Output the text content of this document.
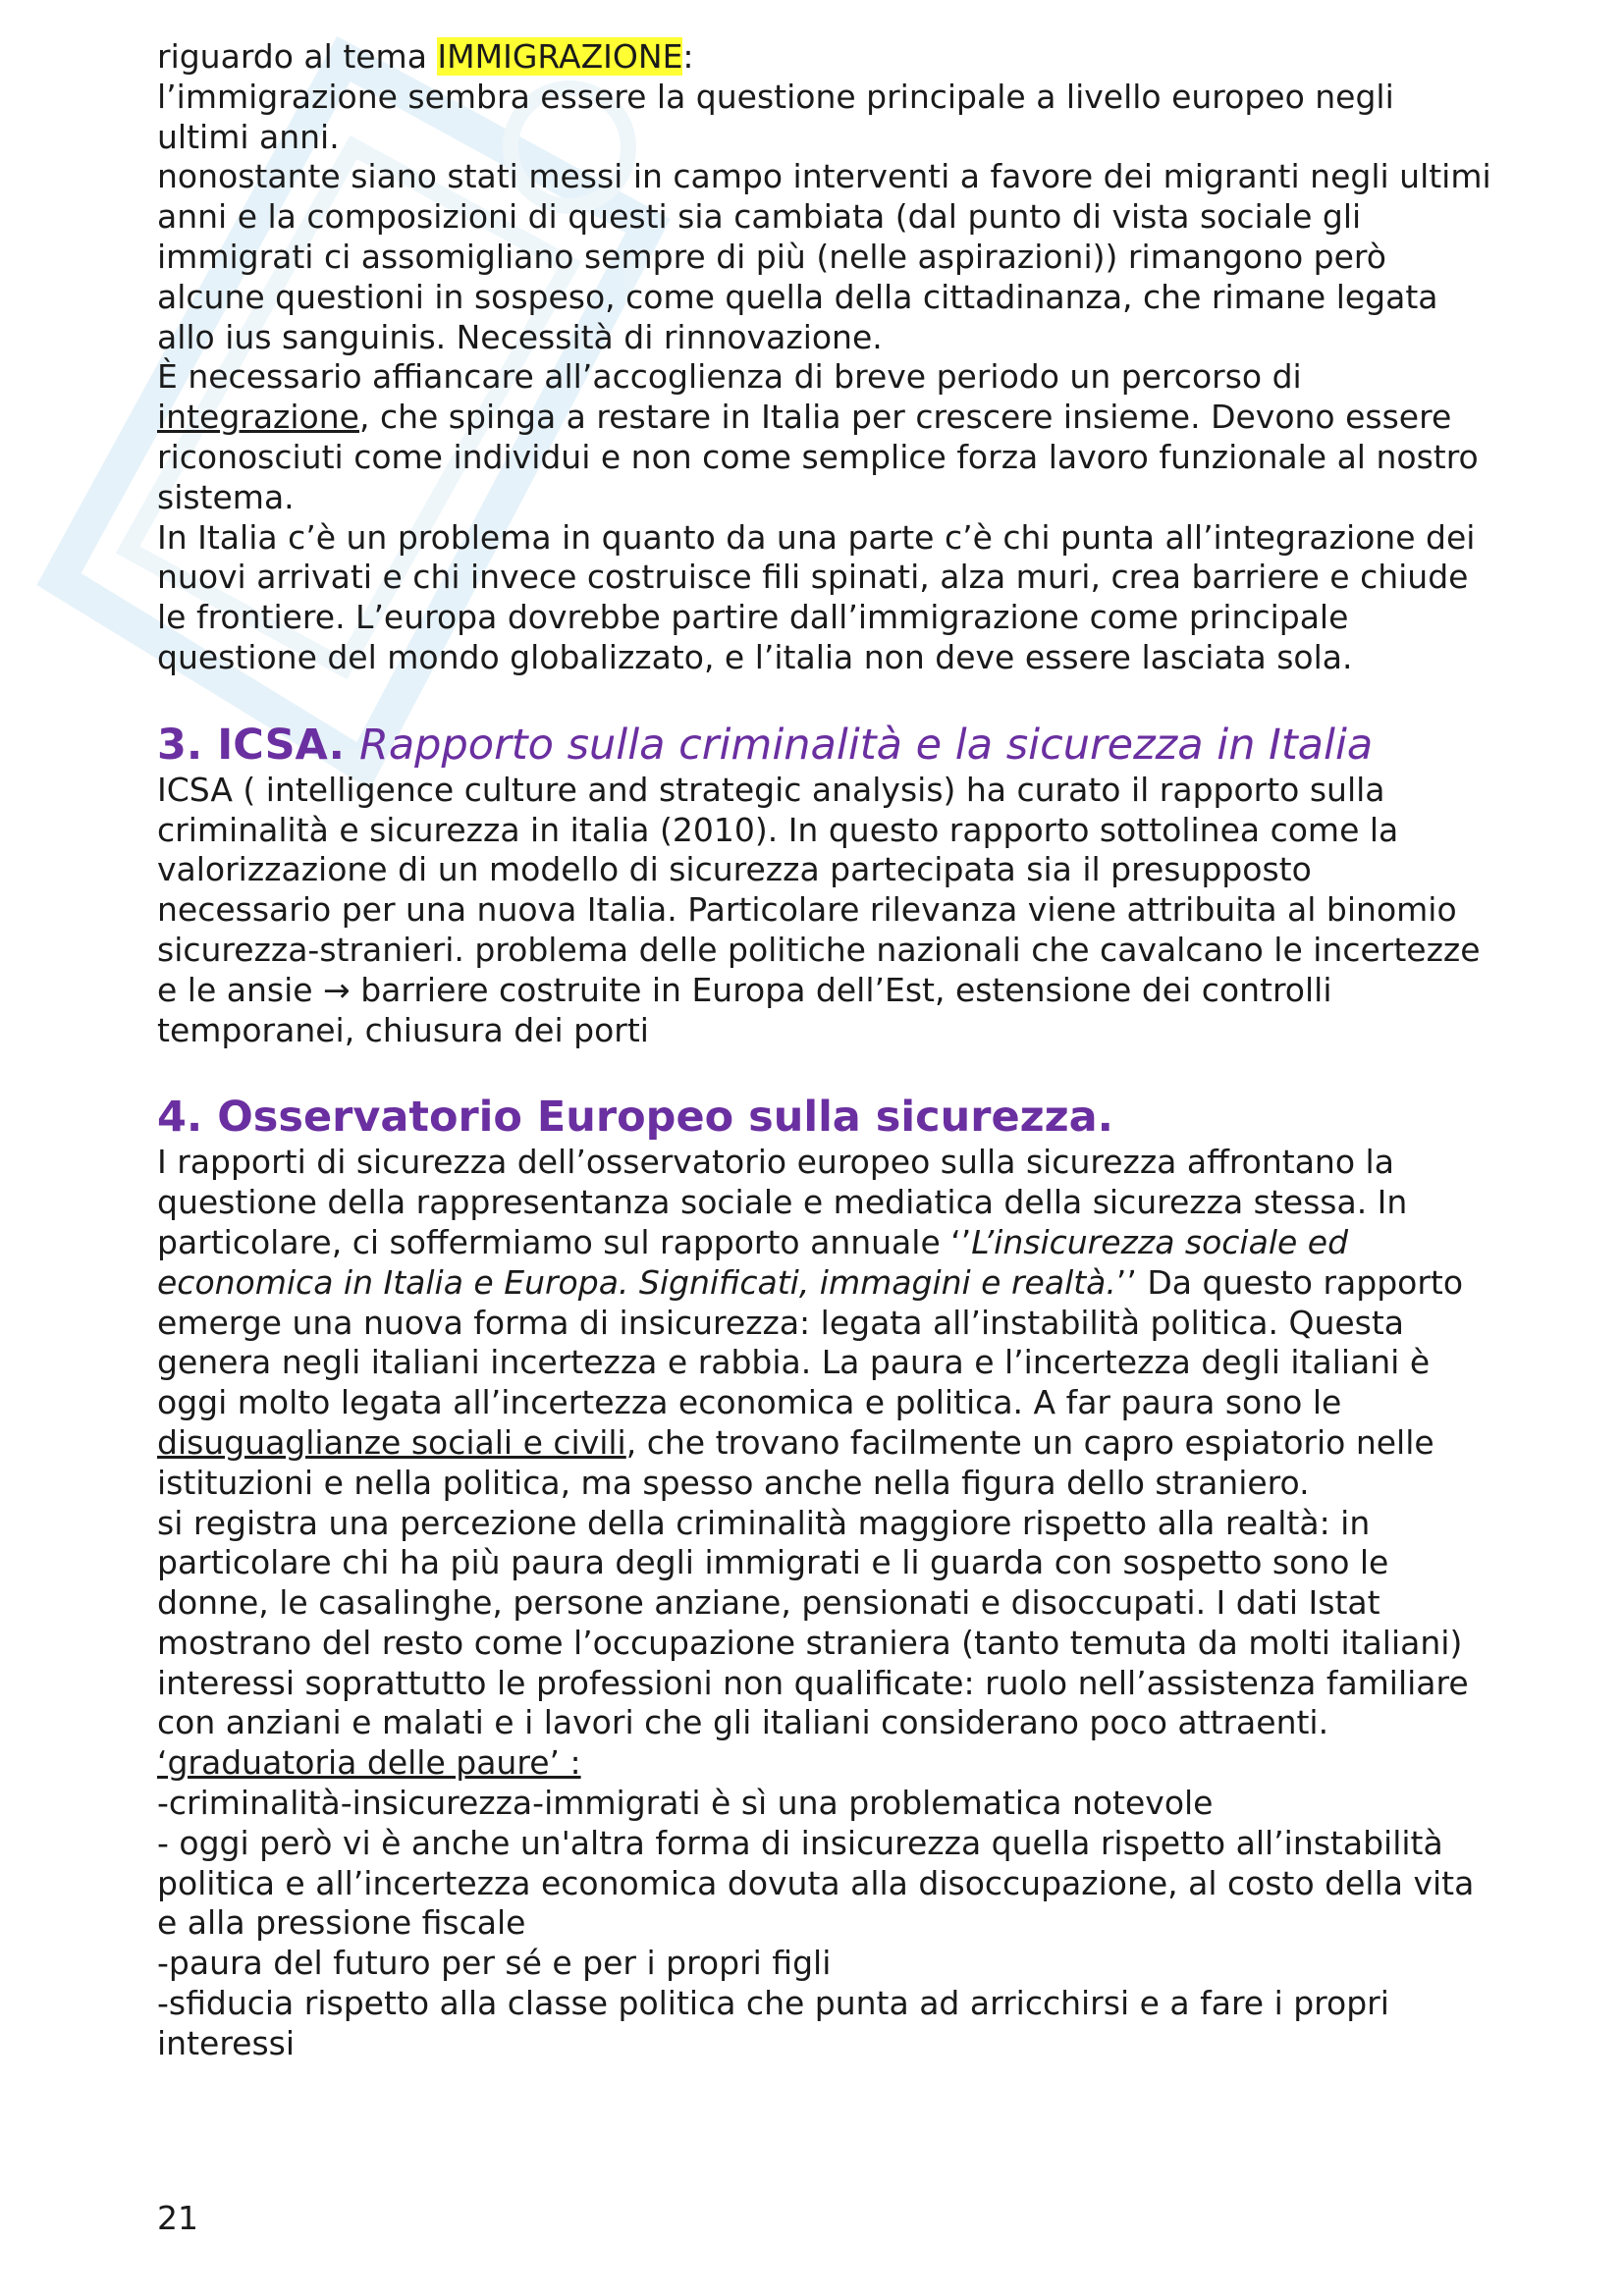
riguardo al tema IMMIGRAZIONE:

l’immigrazione sembra essere la questione principale a livello europeo negli ultimi anni.

nonostante siano stati messi in campo interventi a favore dei migranti negli ultimi anni e la composizioni di questi sia cambiata (dal punto di vista sociale gli immigrati ci assomigliano sempre di più (nelle aspirazioni)) rimangono però alcune questioni in sospeso, come quella della cittadinanza, che rimane legata allo ius sanguinis. Necessità di rinnovazione.

È necessario affiancare all’accoglienza di breve periodo un percorso di integrazione, che spinga a restare in Italia per crescere insieme. Devono essere riconosciuti come individui e non come semplice forza lavoro funzionale al nostro sistema.

In Italia c’è un problema in quanto da una parte c’è chi punta all’integrazione dei nuovi arrivati e chi invece costruisce fili spinati, alza muri, crea barriere e chiude le frontiere. L’europa dovrebbe partire dall’immigrazione come principale questione del mondo globalizzato, e l’italia non deve essere lasciata sola.

3. ICSA. Rapporto sulla criminalità e la sicurezza in Italia

ICSA ( intelligence culture and strategic analysis) ha curato il rapporto sulla criminalità e sicurezza in italia (2010). In questo rapporto sottolinea come la valorizzazione di un modello di sicurezza partecipata sia il presupposto necessario per una nuova Italia. Particolare rilevanza viene attribuita al binomio sicurezza-stranieri. problema delle politiche nazionali che cavalcano le incertezze e le ansie → barriere costruite in Europa dell’Est, estensione dei controlli temporanei, chiusura dei porti

4. Osservatorio Europeo sulla sicurezza.

I rapporti di sicurezza dell’osservatorio europeo sulla sicurezza affrontano la questione della rappresentanza sociale e mediatica della sicurezza stessa. In particolare, ci soffermiamo sul rapporto annuale ‘’L’insicurezza sociale ed economica in Italia e Europa. Significati, immagini e realtà.’’ Da questo rapporto emerge una nuova forma di insicurezza: legata all’instabilità politica. Questa genera negli italiani incertezza e rabbia. La paura e l’incertezza degli italiani è oggi molto legata all’incertezza economica e politica. A far paura sono le disuguaglianze sociali e civili, che trovano facilmente un capro espiatorio nelle istituzioni e nella politica, ma spesso anche nella figura dello straniero.

si registra una percezione della criminalità maggiore rispetto alla realtà: in particolare chi ha più paura degli immigrati e li guarda con sospetto sono le donne, le casalinghe, persone anziane, pensionati e disoccupati. I dati Istat mostrano del resto come l’occupazione straniera (tanto temuta da molti italiani) interessi soprattutto le professioni non qualificate: ruolo nell’assistenza familiare con anziani e malati e i lavori che gli italiani considerano poco attraenti.

‘graduatoria delle paure’ :

-criminalità-insicurezza-immigrati è sì una problematica notevole

- oggi però vi è anche un'altra forma di insicurezza quella rispetto all’instabilità politica e all’incertezza economica dovuta alla disoccupazione, al costo della vita e alla pressione fiscale

-paura del futuro per sé e per i propri figli

-sfiducia rispetto alla classe politica che punta ad arricchirsi e a fare i propri interessi

21
